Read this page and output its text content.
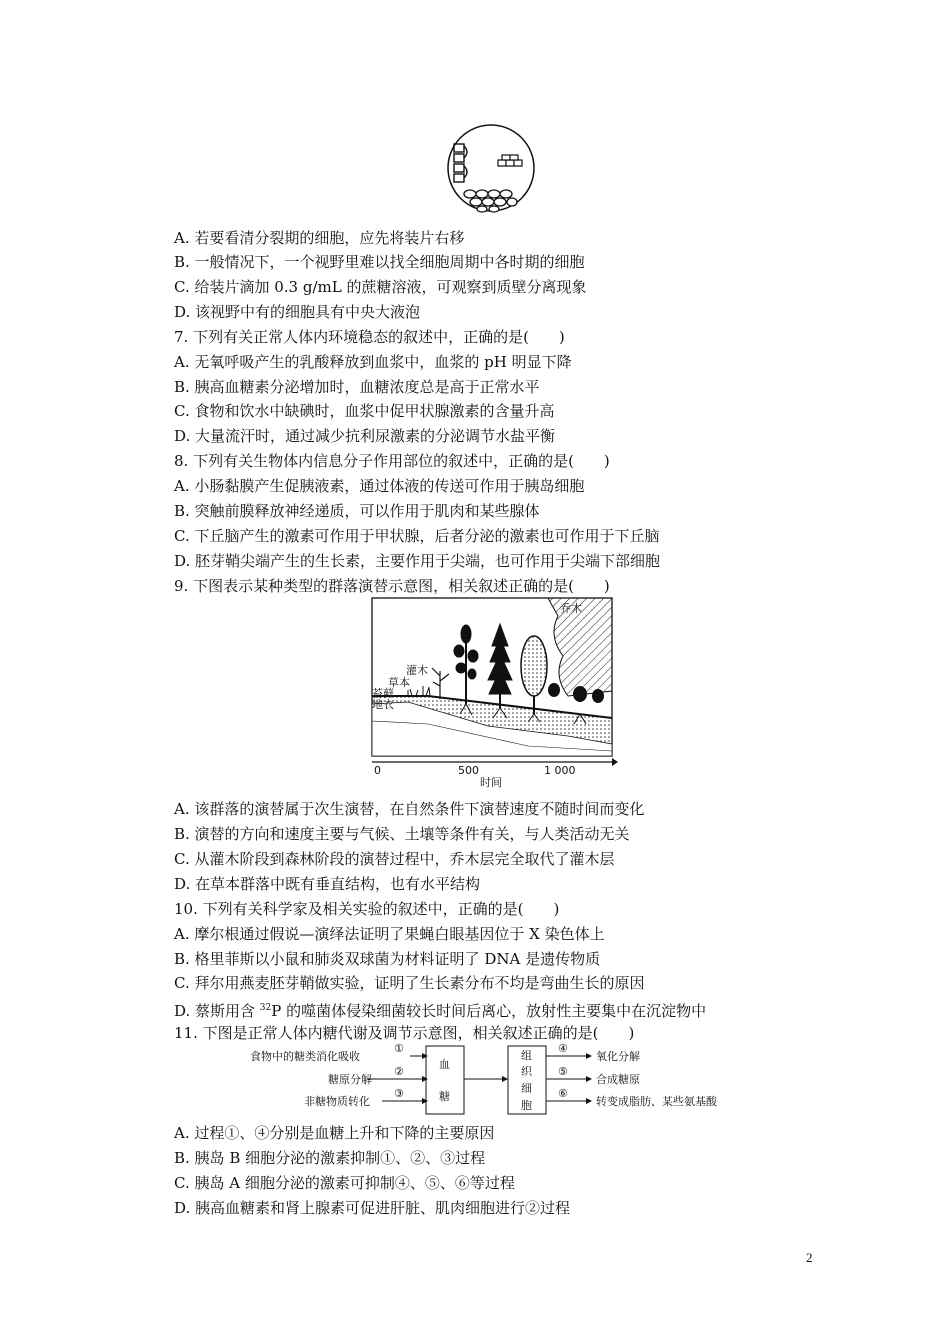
A. 若要看清分裂期的细胞，应先将装片右移
B. 一般情况下，一个视野里难以找全细胞周期中各时期的细胞
C. 给装片滴加 0.3 g/mL 的蔗糖溶液，可观察到质壁分离现象
D. 该视野中有的细胞具有中央大液泡
7. 下列有关正常人体内环境稳态的叙述中，正确的是(　　)
A. 无氧呼吸产生的乳酸释放到血浆中，血浆的 pH 明显下降
B. 胰高血糖素分泌增加时，血糖浓度总是高于正常水平
C. 食物和饮水中缺碘时，血浆中促甲状腺激素的含量升高
D. 大量流汗时，通过减少抗利尿激素的分泌调节水盐平衡
8. 下列有关生物体内信息分子作用部位的叙述中，正确的是(　　)
A. 小肠黏膜产生促胰液素，通过体液的传送可作用于胰岛细胞
B. 突触前膜释放神经递质，可以作用于肌肉和某些腺体
C. 下丘脑产生的激素可作用于甲状腺，后者分泌的激素也可作用于下丘脑
D. 胚芽鞘尖端产生的生长素，主要作用于尖端，也可作用于尖端下部细胞
9. 下图表示某种类型的群落演替示意图，相关叙述正确的是(　　)
乔木
灌木
草本
苔藓
地衣
0	500	1 000
时间
A. 该群落的演替属于次生演替，在自然条件下演替速度不随时间而变化
B. 演替的方向和速度主要与气候、土壤等条件有关，与人类活动无关
C. 从灌木阶段到森林阶段的演替过程中，乔木层完全取代了灌木层
D. 在草本群落中既有垂直结构，也有水平结构
10. 下列有关科学家及相关实验的叙述中，正确的是(　　)
A. 摩尔根通过假说—演绎法证明了果蝇白眼基因位于 X 染色体上
B. 格里菲斯以小鼠和肺炎双球菌为材料证明了 DNA 是遗传物质
C. 拜尔用燕麦胚芽鞘做实验，证明了生长素分布不均是弯曲生长的原因
D. 蔡斯用含 $^{32}$P 的噬菌体侵染细菌较长时间后离心，放射性主要集中在沉淀物中
11. 下图是正常人体内糖代谢及调节示意图，相关叙述正确的是(　　)
食物中的糖类消化吸收
糖原分解
非糖物质转化
①
②
③
血
糖
组
织
细
胞
④
⑤
⑥
氧化分解
合成糖原
转变成脂肪、某些氨基酸
A. 过程①、④分别是血糖上升和下降的主要原因
B. 胰岛 B 细胞分泌的激素抑制①、②、③过程
C. 胰岛 A 细胞分泌的激素可抑制④、⑤、⑥等过程
D. 胰高血糖素和肾上腺素可促进肝脏、肌肉细胞进行②过程
2
